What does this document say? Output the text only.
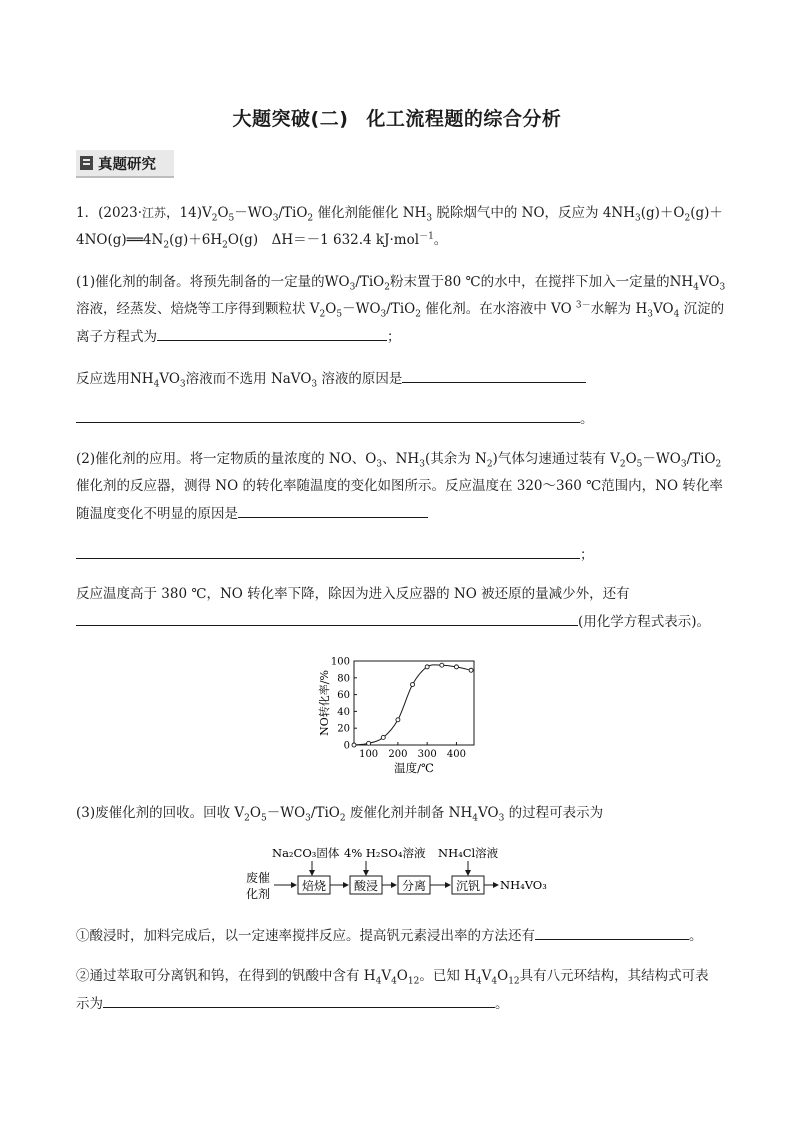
大题突破(二) 化工流程题的综合分析
真题研究
1．(2023·江苏，$14)V_2O_5-WO_3/TiO_2$ 催化剂能催化 $NH_3$ 脱除烟气中的 NO，反应为 $4NH_3(g)+O_2(g)+$
$4NO(g)══4N_2(g)+6H_2O(g)$　ΔH＝－1 632.4 kJ·mol$^{-1}$。
(1)催化剂的制备。将预先制备的一定量的$WO_3/TiO_2$粉末置于80 ℃的水中，在搅拌下加入一定量的$NH_4VO_3$
溶液，经蒸发、焙烧等工序得到颗粒状 $V_2O_5-WO_3/TiO_2$ 催化剂。在水溶液中 VO $^{3-}$水解为 $H_3VO_4$ 沉淀的
离子方程式为	；
反应选用$NH_4VO_3$溶液而不选用 NaVO$_3$ 溶液的原因是
。
(2)催化剂的应用。将一定物质的量浓度的 NO、$O_3$、$NH_3$(其余为 $N_2$)气体匀速通过装有 $V_2O_5-WO_3/TiO_2$
催化剂的反应器，测得 NO 的转化率随温度的变化如图所示。反应温度在 320～360 ℃范围内，NO 转化率
随温度变化不明显的原因是
；
反应温度高于 380 ℃，NO 转化率下降，除因为进入反应器的 NO 被还原的量减少外，还有
(用化学方程式表示)。
0
20
40
60
80
100
100 200 300 400
温度/℃
NO转化率/%
(3)废催化剂的回收。回收 $V_2O_5-WO_3/TiO_2$ 废催化剂并制备 $NH_4VO_3$ 的过程可表示为
Na₂CO₃固体 4% H₂SO₄溶液 NH₄Cl溶液
废催
化剂
焙烧 酸浸 分离 沉钒 NH₄VO₃
①酸浸时，加料完成后，以一定速率搅拌反应。提高钒元素浸出率的方法还有	。
②通过萃取可分离钒和钨，在得到的钒酸中含有 $H_4V_4O_{12}$。已知 $H_4V_4O_{12}$具有八元环结构，其结构式可表
示为	。
